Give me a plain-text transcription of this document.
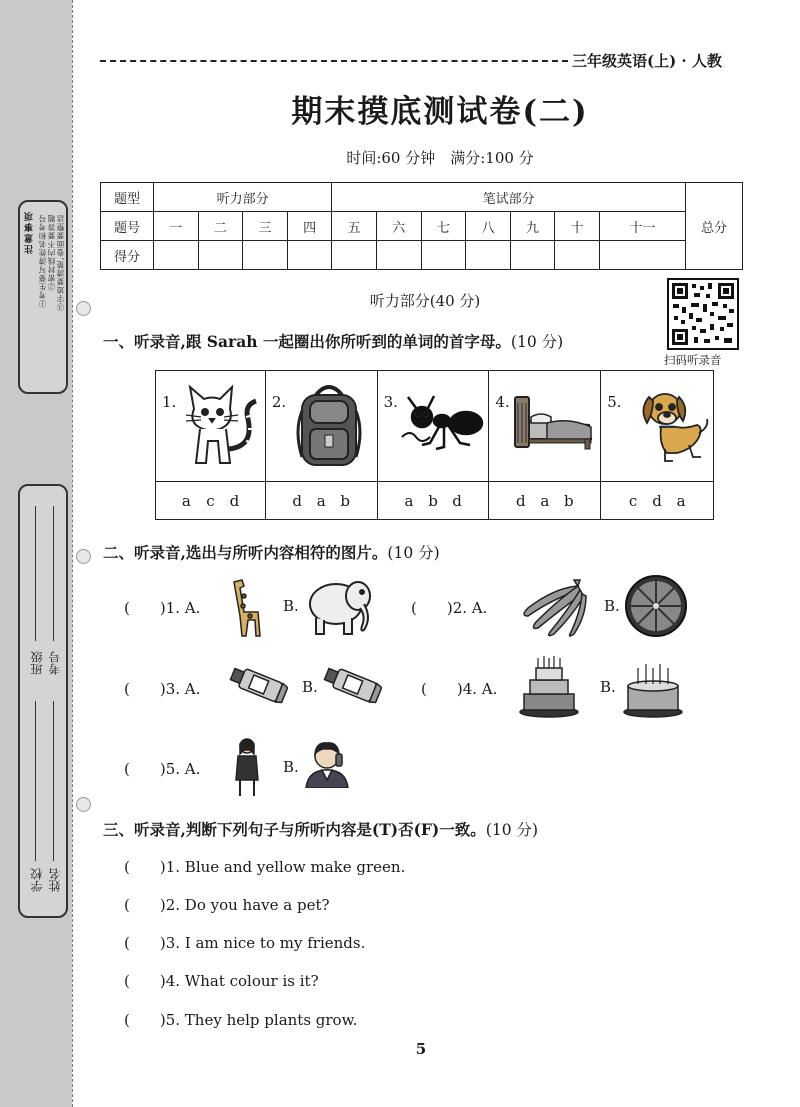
注意事项 ①考生要写清姓名和考号 ②密封线内不要答题 ③字迹要清楚,卷面要整洁
班级 考号
学校 姓名
三年级英语(上) · 人教
期末摸底测试卷(二)
时间:60 分钟　满分:100 分
题型	听力部分				笔试部分							总分
题号	一	二	三	四	五	六	七	八	九	十	十一	
得分												
听力部分(40 分)
扫码听录音
一、听录音,跟 Sarah 一起圈出你所听到的单词的首字母。(10 分)
1.	2.	3.	4.	5.

a c d	d a b	a b d	d a b	c d a
二、听录音,选出与所听内容相符的图片。(10 分)
(　　)1. A.	B.	(　　)2. A.	B.
(　　)3. A.	B.	(　　)4. A.	B.
(　　)5. A.	B.
三、听录音,判断下列句子与所听内容是(T)否(F)一致。(10 分)
(　　)1. Blue and yellow make green.
(　　)2. Do you have a pet?
(　　)3. I am nice to my friends.
(　　)4. What colour is it?
(　　)5. They help plants grow.
5
